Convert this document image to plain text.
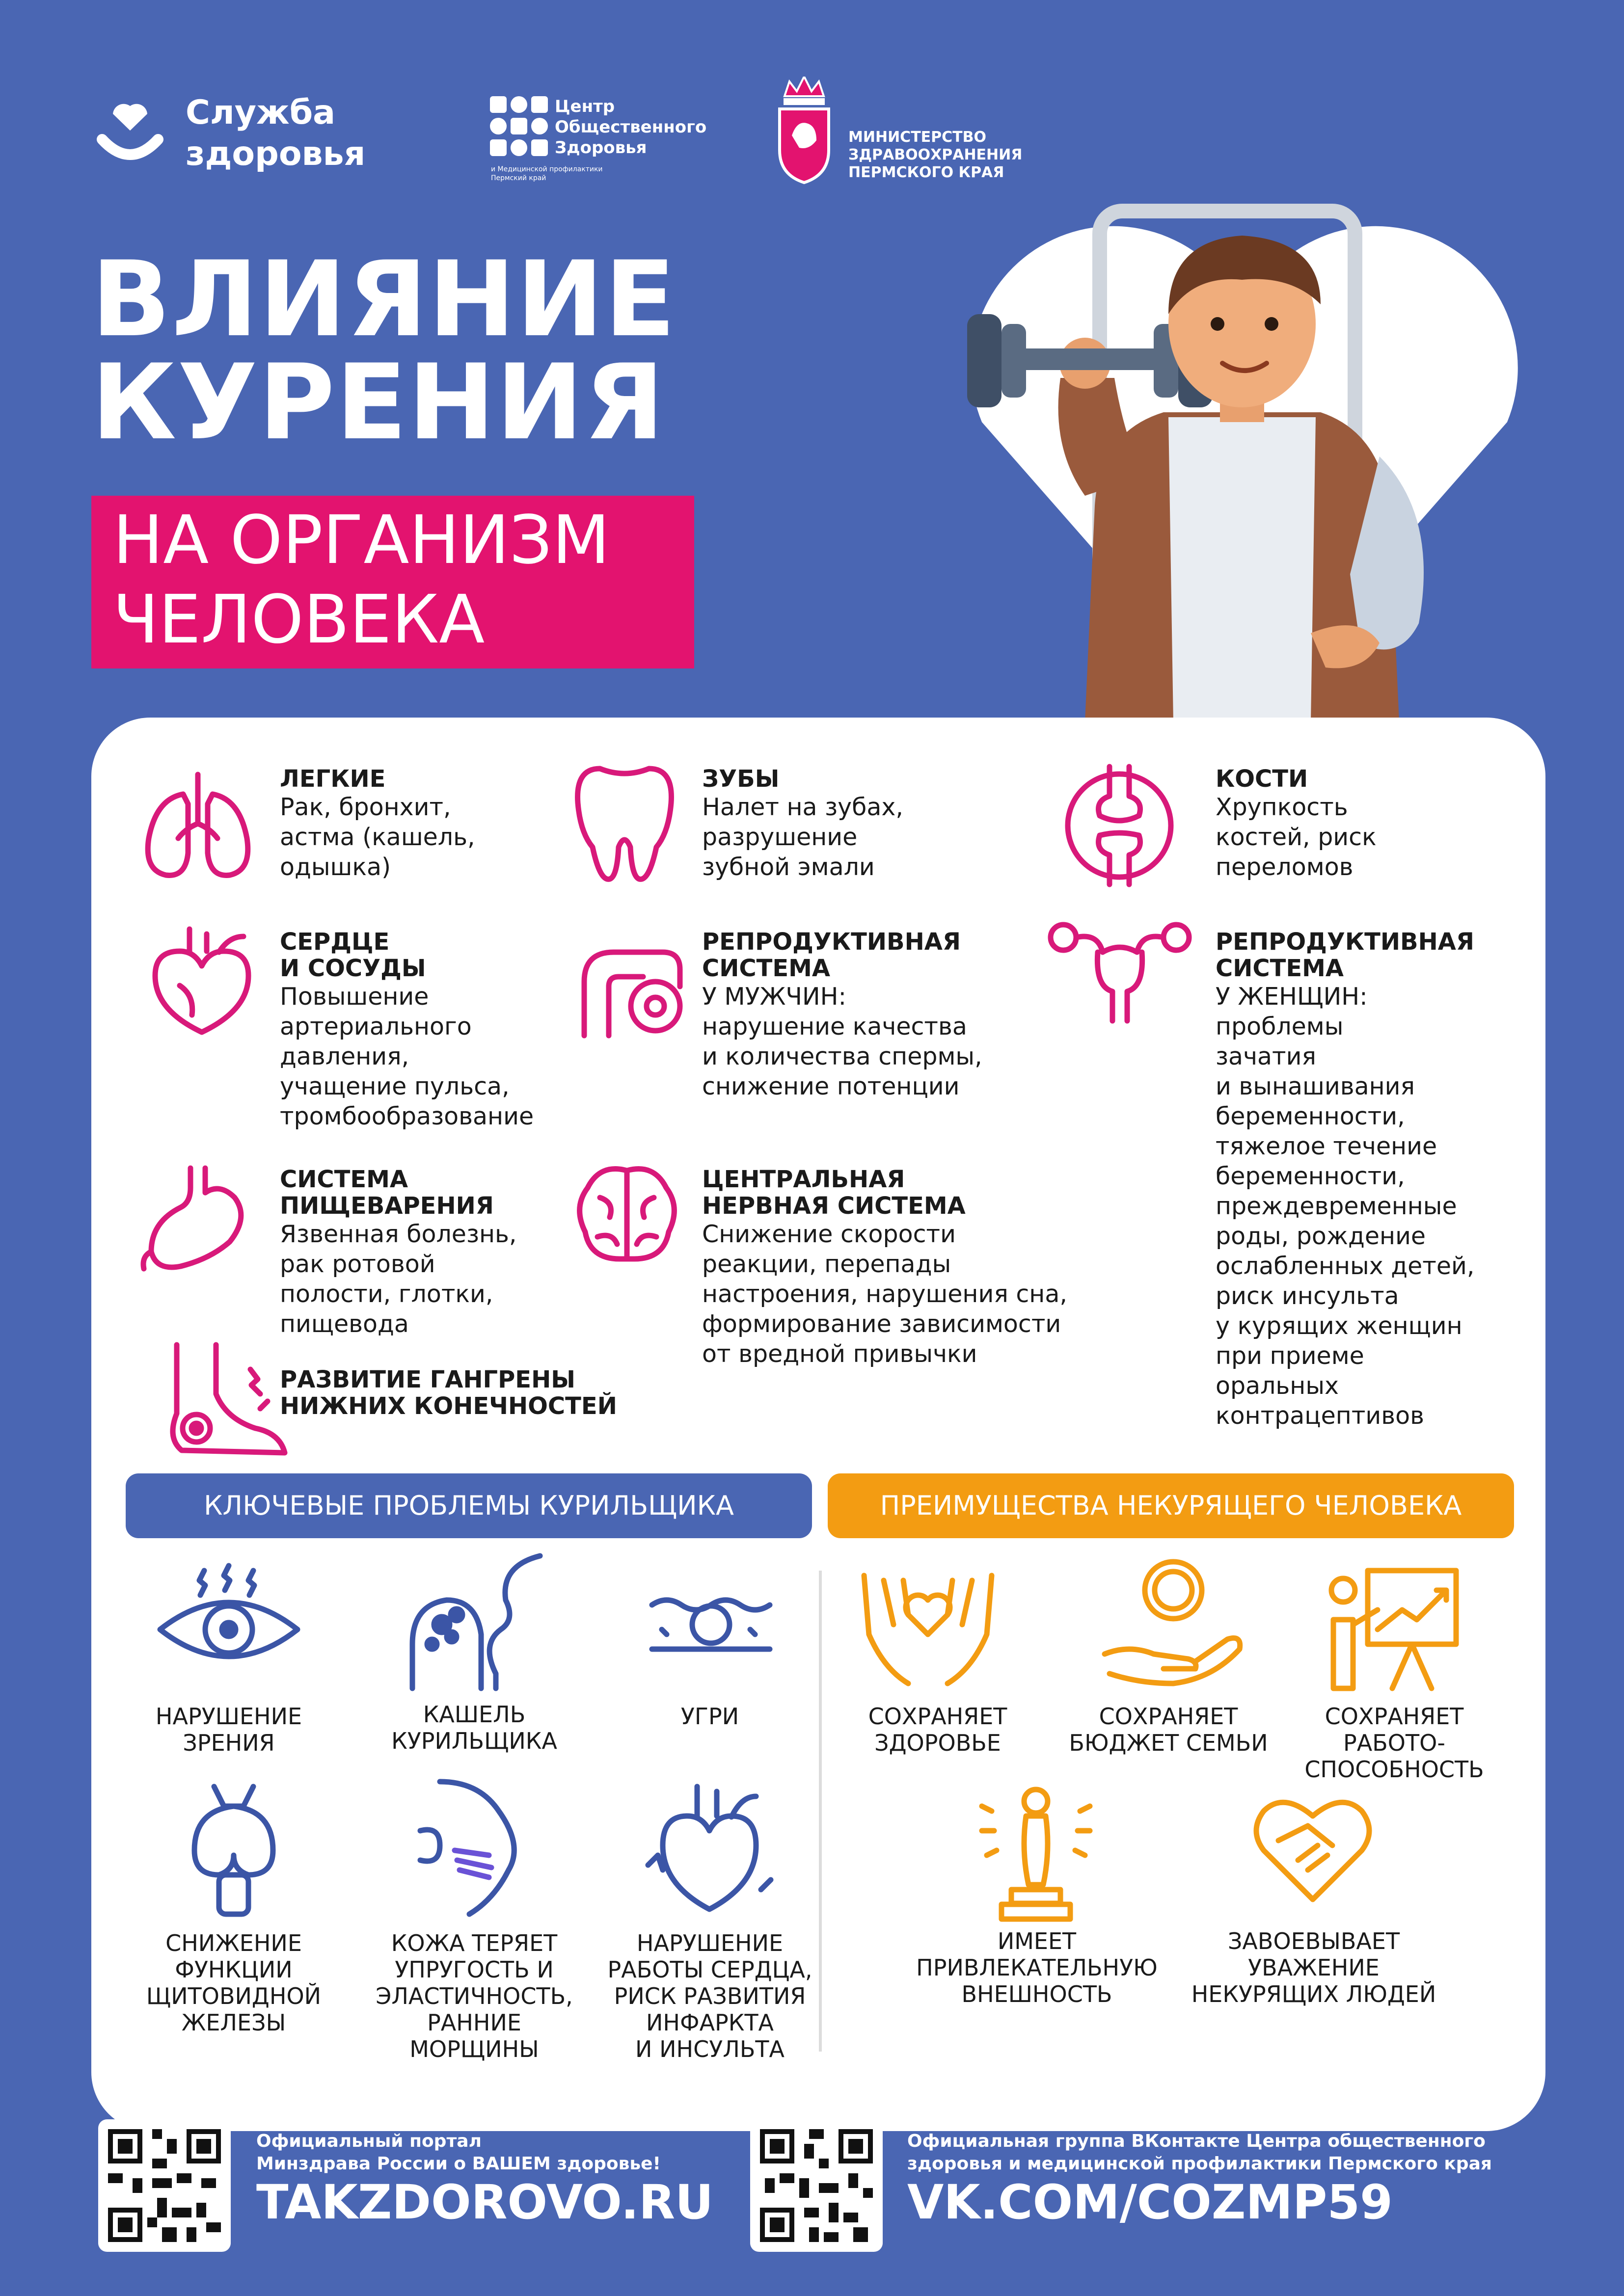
Служба
здоровья
Центр
Общественного
Здоровья
и Медицинской профилактики
Пермский край
МИНИСТЕРСТВО
ЗДРАВООХРАНЕНИЯ
ПЕРМСКОГО КРАЯ
ВЛИЯНИЕ
КУРЕНИЯ
НА ОРГАНИЗМ
ЧЕЛОВЕКА
ЛЕГКИЕ
Рак, бронхит,
астма (кашель,
одышка)
СЕРДЦЕ
И СОСУДЫ
Повышение
артериального
давления,
учащение пульса,
тромбообразование
СИСТЕМА
ПИЩЕВАРЕНИЯ
Язвенная болезнь,
рак ротовой
полости, глотки,
пищевода
РАЗВИТИЕ ГАНГРЕНЫ
НИЖНИХ КОНЕЧНОСТЕЙ
ЗУБЫ
Налет на зубах,
разрушение
зубной эмали
РЕПРОДУКТИВНАЯ
СИСТЕМА
У МУЖЧИН:
нарушение качества
и количества спермы,
снижение потенции
ЦЕНТРАЛЬНАЯ
НЕРВНАЯ СИСТЕМА
Снижение скорости
реакции, перепады
настроения, нарушения сна,
формирование зависимости
от вредной привычки
КОСТИ
Хрупкость
костей, риск
переломов
РЕПРОДУКТИВНАЯ
СИСТЕМА
У ЖЕНЩИН:
проблемы
зачатия
и вынашивания
беременности,
тяжелое течение
беременности,
преждевременные
роды, рождение
ослабленных детей,
риск инсульта
у курящих женщин
при приеме
оральных
контрацептивов
КЛЮЧЕВЫЕ ПРОБЛЕМЫ КУРИЛЬЩИКА	ПРЕИМУЩЕСТВА НЕКУРЯЩЕГО ЧЕЛОВЕКА
НАРУШЕНИЕ
ЗРЕНИЯ
КАШЕЛЬ
КУРИЛЬЩИКА
УГРИ
СНИЖЕНИЕ
ФУНКЦИИ
ЩИТОВИДНОЙ
ЖЕЛЕЗЫ
КОЖА ТЕРЯЕТ
УПРУГОСТЬ И
ЭЛАСТИЧНОСТЬ,
РАННИЕ
МОРЩИНЫ
НАРУШЕНИЕ
РАБОТЫ СЕРДЦА,
РИСК РАЗВИТИЯ
ИНФАРКТА
И ИНСУЛЬТА
СОХРАНЯЕТ
ЗДОРОВЬЕ
СОХРАНЯЕТ
БЮДЖЕТ СЕМЬИ
СОХРАНЯЕТ
РАБОТО-
СПОСОБНОСТЬ
ИМЕЕТ
ПРИВЛЕКАТЕЛЬНУЮ
ВНЕШНОСТЬ
ЗАВОЕВЫВАЕТ
УВАЖЕНИЕ
НЕКУРЯЩИХ ЛЮДЕЙ
Официальный портал
Минздрава России о ВАШЕМ здоровье!
TAKZDOROVO.RU
Официальная группа ВКонтакте Центра общественного
здоровья и медицинской профилактики Пермского края
VK.COM/COZMP59
